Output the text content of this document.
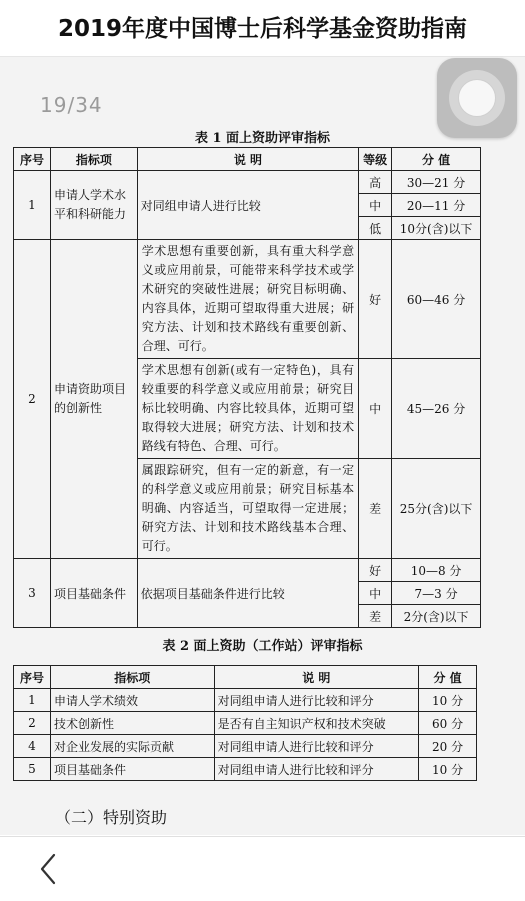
2019年度中国博士后科学基金资助指南
19/34
表 1 面上资助评审指标
序号	指标项	说 明	等级	分 值
1	申请人学术水平和科研能力	对同组申请人进行比较	高	30—21 分
			中	20—11 分
			低	10分(含)以下
2	申请资助项目的创新性	学术思想有重要创新，具有重大科学意义或应用前景，可能带来科学技术或学术研究的突破性进展；研究目标明确、内容具体，近期可望取得重大进展；研究方法、计划和技术路线有重要创新、合理、可行。	好	60—46 分
		学术思想有创新(或有一定特色)，具有较重要的科学意义或应用前景；研究目标比较明确、内容比较具体，近期可望取得较大进展；研究方法、计划和技术路线有特色、合理、可行。	中	45—26 分
		属跟踪研究，但有一定的新意，有一定的科学意义或应用前景；研究目标基本明确、内容适当，可望取得一定进展；研究方法、计划和技术路线基本合理、可行。	差	25分(含)以下
3	项目基础条件	依据项目基础条件进行比较	好	10—8 分
			中	7—3 分
			差	2分(含)以下
表 2 面上资助（工作站）评审指标
序号	指标项	说 明	分 值
1	申请人学术绩效	对同组申请人进行比较和评分	10 分
2	技术创新性	是否有自主知识产权和技术突破	60 分
4	对企业发展的实际贡献	对同组申请人进行比较和评分	20 分
5	项目基础条件	对同组申请人进行比较和评分	10 分
（二）特别资助
